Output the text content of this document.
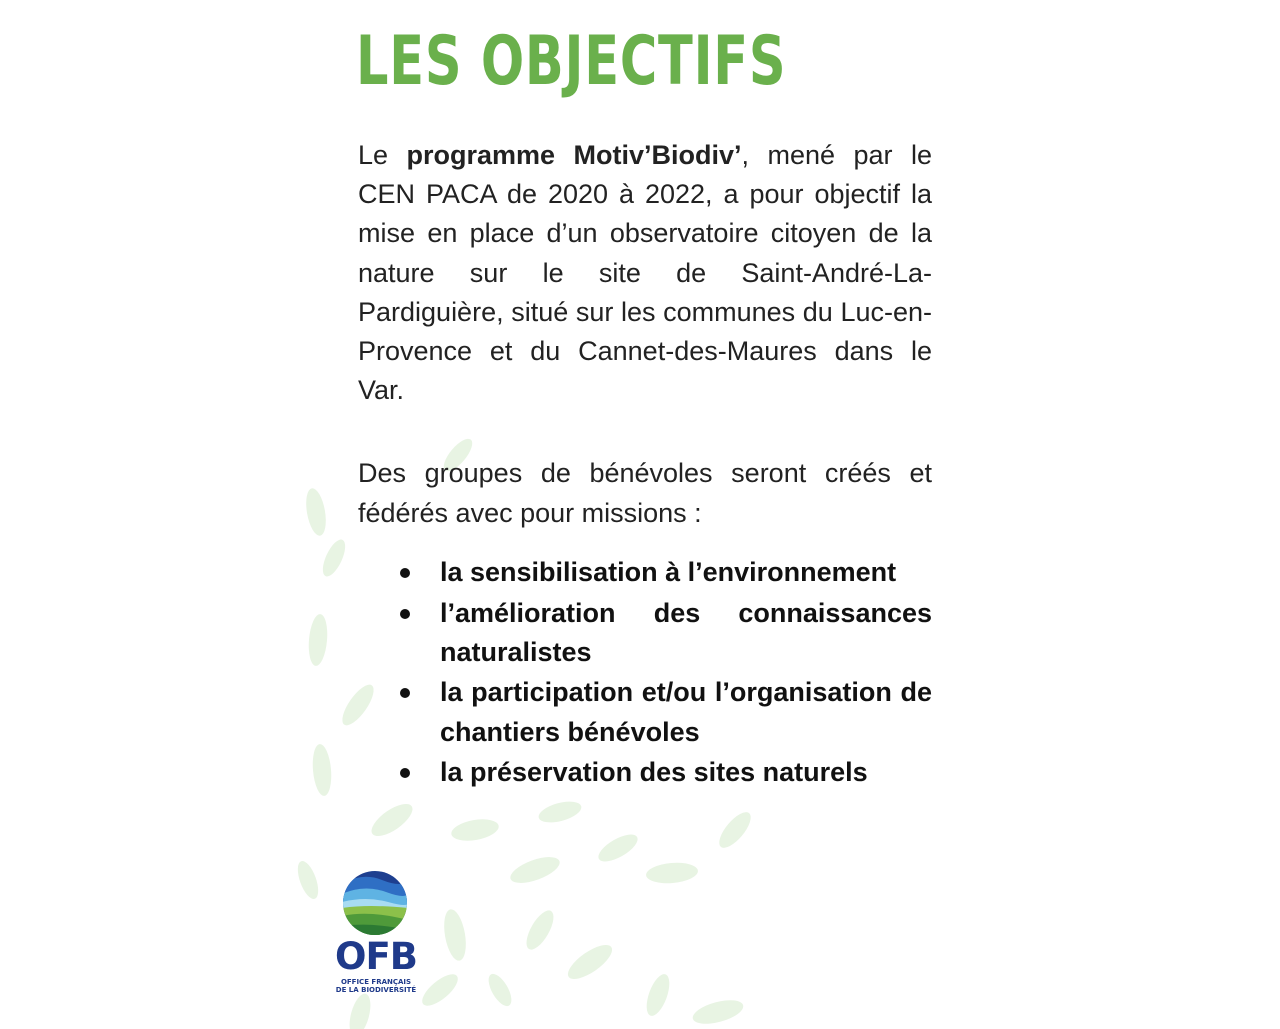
LES OBJECTIFS

Le programme Motiv’Biodiv’, mené par le CEN PACA de 2020 à 2022, a pour objectif la mise en place d’un observatoire citoyen de la nature sur le site de Saint-André-La-Pardiguière, situé sur les communes du Luc-en-Provence et du Cannet-des-Maures dans le Var.

Des groupes de bénévoles seront créés et fédérés avec pour missions :

la sensibilisation à l’environnement
l’amélioration des connaissances naturalistes
la participation et/ou l’organisation de chantiers bénévoles
la préservation des sites naturels
OFB
OFFICE FRANÇAIS
DE LA BIODIVERSITÉ
